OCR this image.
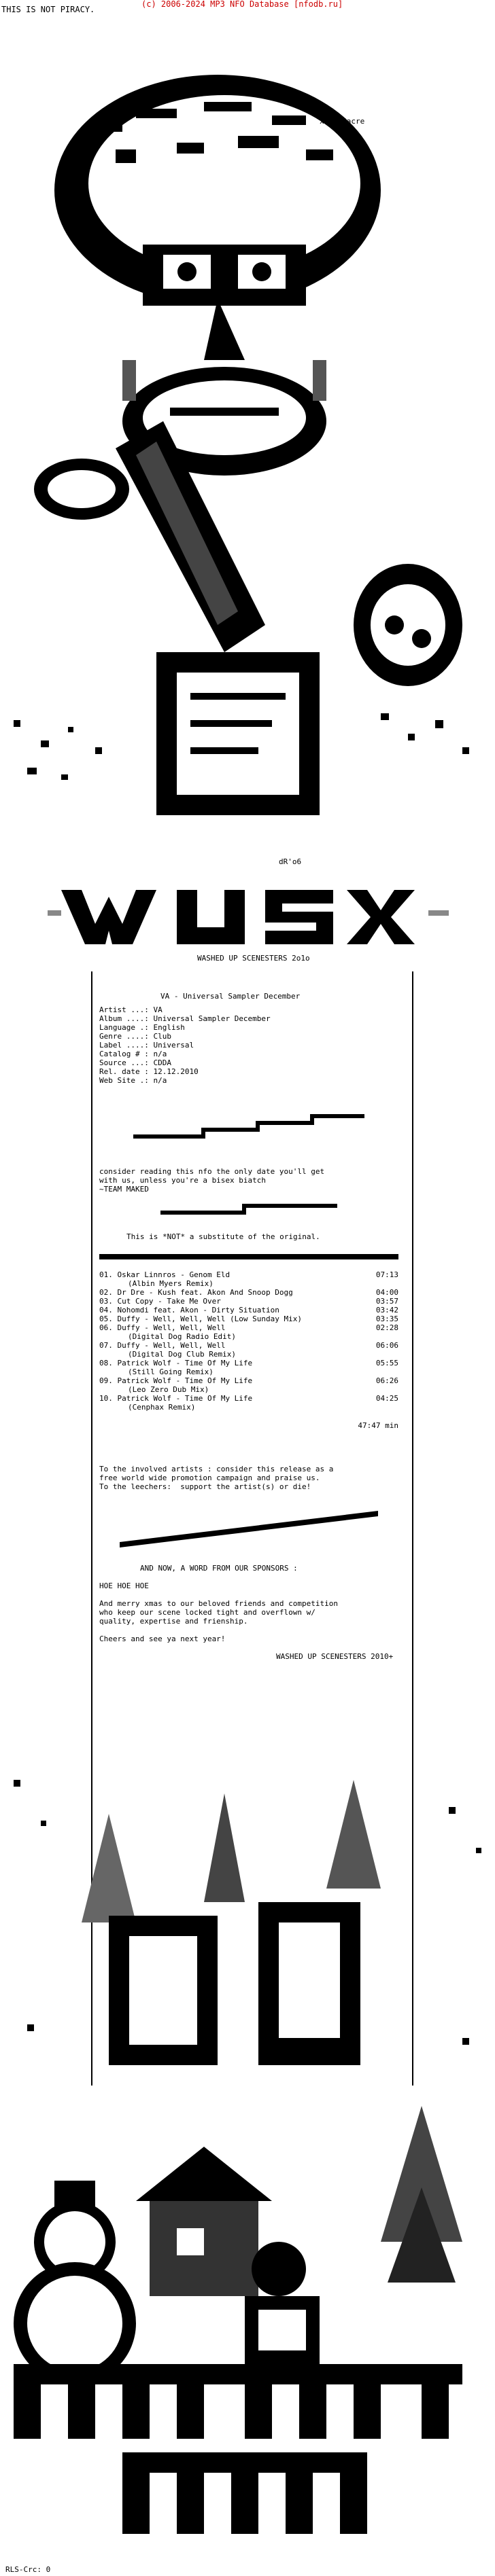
THIS IS NOT PIRACY.
(c) 2006-2024 MP3 NFO Database [nfodb.ru]
x-maSSacre
dR'o6
WASHED UP SCENESTERS 2o1o
VA - Universal Sampler December
Artist ...: VA
Album ....: Universal Sampler December
Language .: English
Genre ....: Club
Label ....: Universal
Catalog # : n/a
Source ...: CDDA
Rel. date : 12.12.2010
Web Site .: n/a
consider reading this nfo the only date you'll get
with us, unless you're a bisex biatch
~TEAM MAKED
This is *NOT* a substitute of the original.
01. Oskar Linnros - Genom Eld	07:13
(Albin Myers Remix)
02. Dr Dre - Kush feat. Akon And Snoop Dogg	04:00
03. Cut Copy - Take Me Over	03:57
04. Nohomdi feat. Akon - Dirty Situation	03:42
05. Duffy - Well, Well, Well (Low Sunday Mix)	03:35
06. Duffy - Well, Well, Well	02:28
(Digital Dog Radio Edit)
07. Duffy - Well, Well, Well	06:06
(Digital Dog Club Remix)
08. Patrick Wolf - Time Of My Life	05:55
(Still Going Remix)
09. Patrick Wolf - Time Of My Life	06:26
(Leo Zero Dub Mix)
10. Patrick Wolf - Time Of My Life	04:25
(Cenphax Remix)
47:47 min
To the involved artists : consider this release as a
free world wide promotion campaign and praise us.
To the leechers:  support the artist(s) or die!
AND NOW, A WORD FROM OUR SPONSORS :
HOE HOE HOE
And merry xmas to our beloved friends and competition
who keep our scene locked tight and overflown w/
quality, expertise and frienship.
Cheers and see ya next year!
WASHED UP SCENESTERS 2010+
RLS-Crc: 0
